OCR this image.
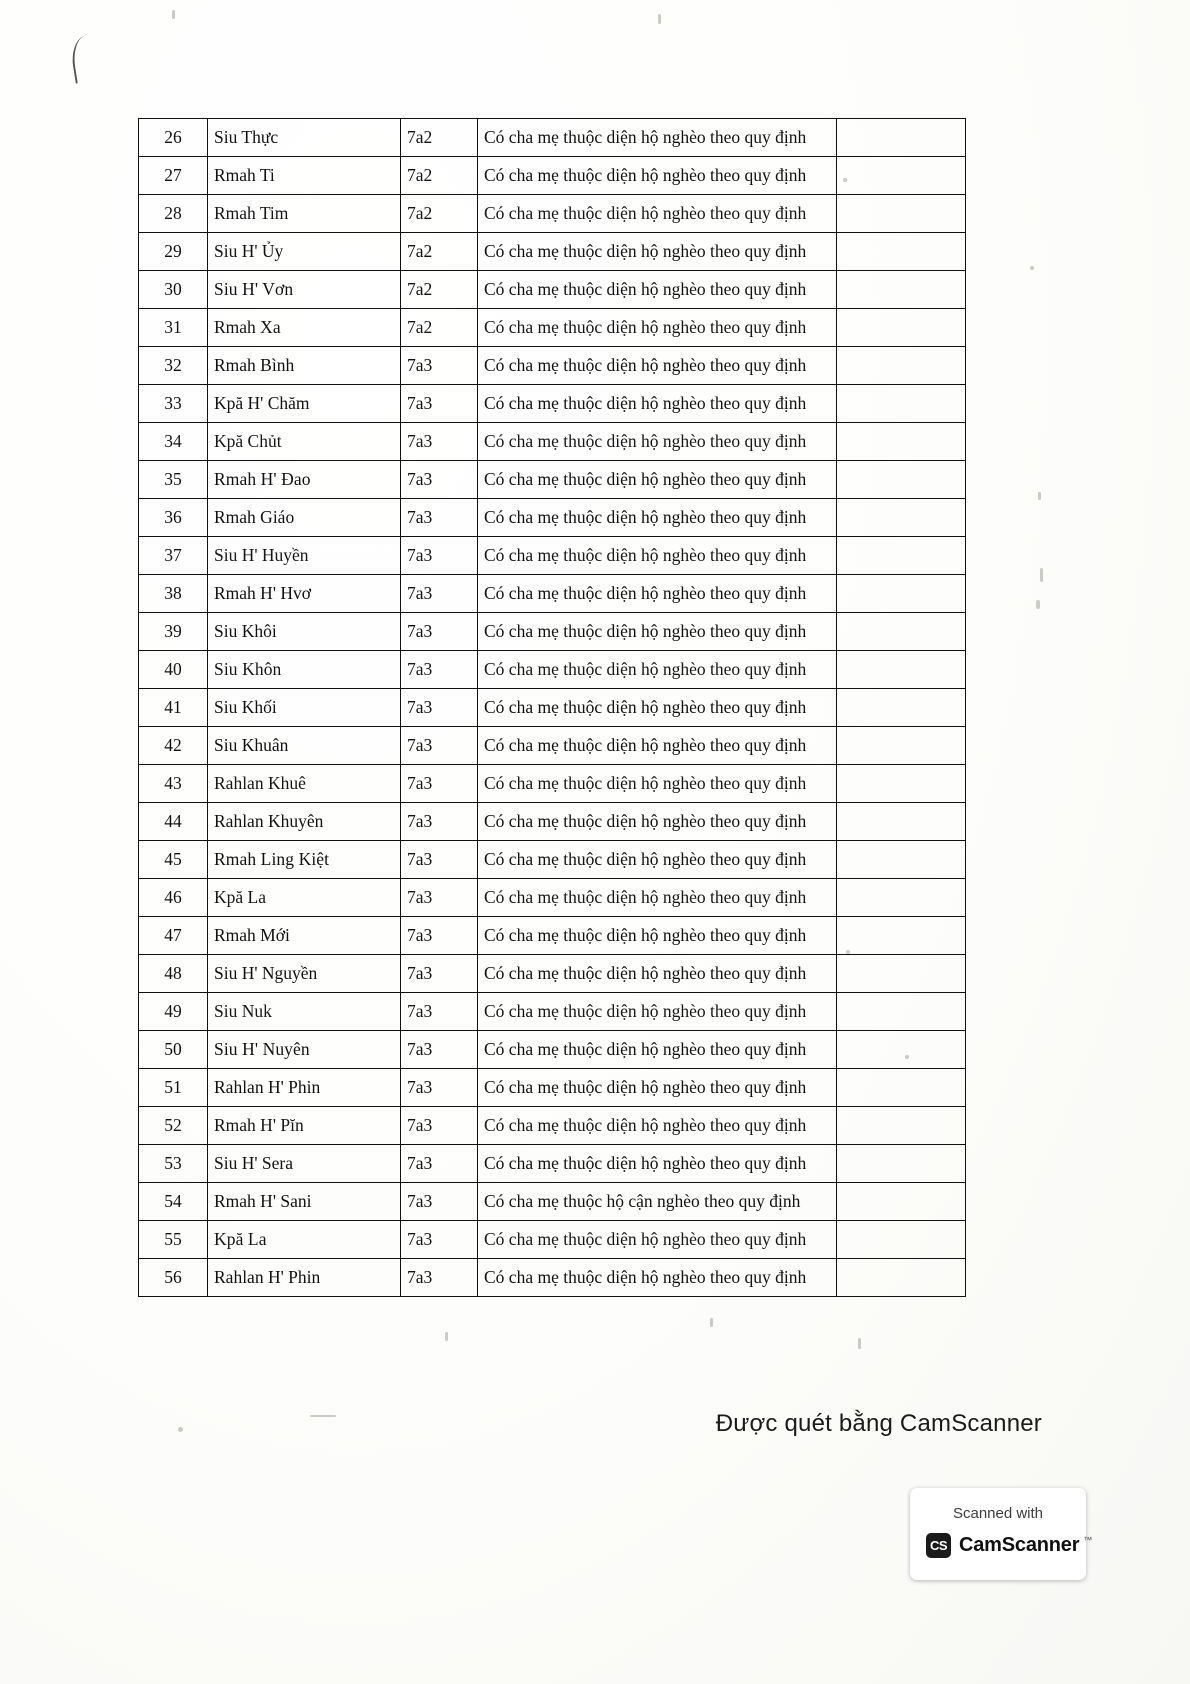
26	Siu Thực	7a2	Có cha mẹ thuộc diện hộ nghèo theo quy định	
27	Rmah Ti	7a2	Có cha mẹ thuộc diện hộ nghèo theo quy định	
28	Rmah Tim	7a2	Có cha mẹ thuộc diện hộ nghèo theo quy định	
29	Siu H' Ủy	7a2	Có cha mẹ thuộc diện hộ nghèo theo quy định	
30	Siu H' Vơn	7a2	Có cha mẹ thuộc diện hộ nghèo theo quy định	
31	Rmah Xa	7a2	Có cha mẹ thuộc diện hộ nghèo theo quy định	
32	Rmah Bình	7a3	Có cha mẹ thuộc diện hộ nghèo theo quy định	
33	Kpă H' Chăm	7a3	Có cha mẹ thuộc diện hộ nghèo theo quy định	
34	Kpă Chủt	7a3	Có cha mẹ thuộc diện hộ nghèo theo quy định	
35	Rmah H' Đao	7a3	Có cha mẹ thuộc diện hộ nghèo theo quy định	
36	Rmah Giáo	7a3	Có cha mẹ thuộc diện hộ nghèo theo quy định	
37	Siu H' Huyền	7a3	Có cha mẹ thuộc diện hộ nghèo theo quy định	
38	Rmah H' Hvơ	7a3	Có cha mẹ thuộc diện hộ nghèo theo quy định	
39	Siu Khôi	7a3	Có cha mẹ thuộc diện hộ nghèo theo quy định	
40	Siu Khôn	7a3	Có cha mẹ thuộc diện hộ nghèo theo quy định	
41	Siu Khối	7a3	Có cha mẹ thuộc diện hộ nghèo theo quy định	
42	Siu Khuân	7a3	Có cha mẹ thuộc diện hộ nghèo theo quy định	
43	Rahlan Khuê	7a3	Có cha mẹ thuộc diện hộ nghèo theo quy định	
44	Rahlan Khuyên	7a3	Có cha mẹ thuộc diện hộ nghèo theo quy định	
45	Rmah Ling Kiệt	7a3	Có cha mẹ thuộc diện hộ nghèo theo quy định	
46	Kpă La	7a3	Có cha mẹ thuộc diện hộ nghèo theo quy định	
47	Rmah Mới	7a3	Có cha mẹ thuộc diện hộ nghèo theo quy định	
48	Siu H' Nguyền	7a3	Có cha mẹ thuộc diện hộ nghèo theo quy định	
49	Siu Nuk	7a3	Có cha mẹ thuộc diện hộ nghèo theo quy định	
50	Siu H' Nuyên	7a3	Có cha mẹ thuộc diện hộ nghèo theo quy định	
51	Rahlan H' Phin	7a3	Có cha mẹ thuộc diện hộ nghèo theo quy định	
52	Rmah H' Pĭn	7a3	Có cha mẹ thuộc diện hộ nghèo theo quy định	
53	Siu H' Sera	7a3	Có cha mẹ thuộc diện hộ nghèo theo quy định	
54	Rmah H' Sani	7a3	Có cha mẹ thuộc hộ cận nghèo theo quy định	
55	Kpă La	7a3	Có cha mẹ thuộc diện hộ nghèo theo quy định	
56	Rahlan H' Phin	7a3	Có cha mẹ thuộc diện hộ nghèo theo quy định	
Được quét bằng CamScanner
Scanned with
CS CamScanner ™
